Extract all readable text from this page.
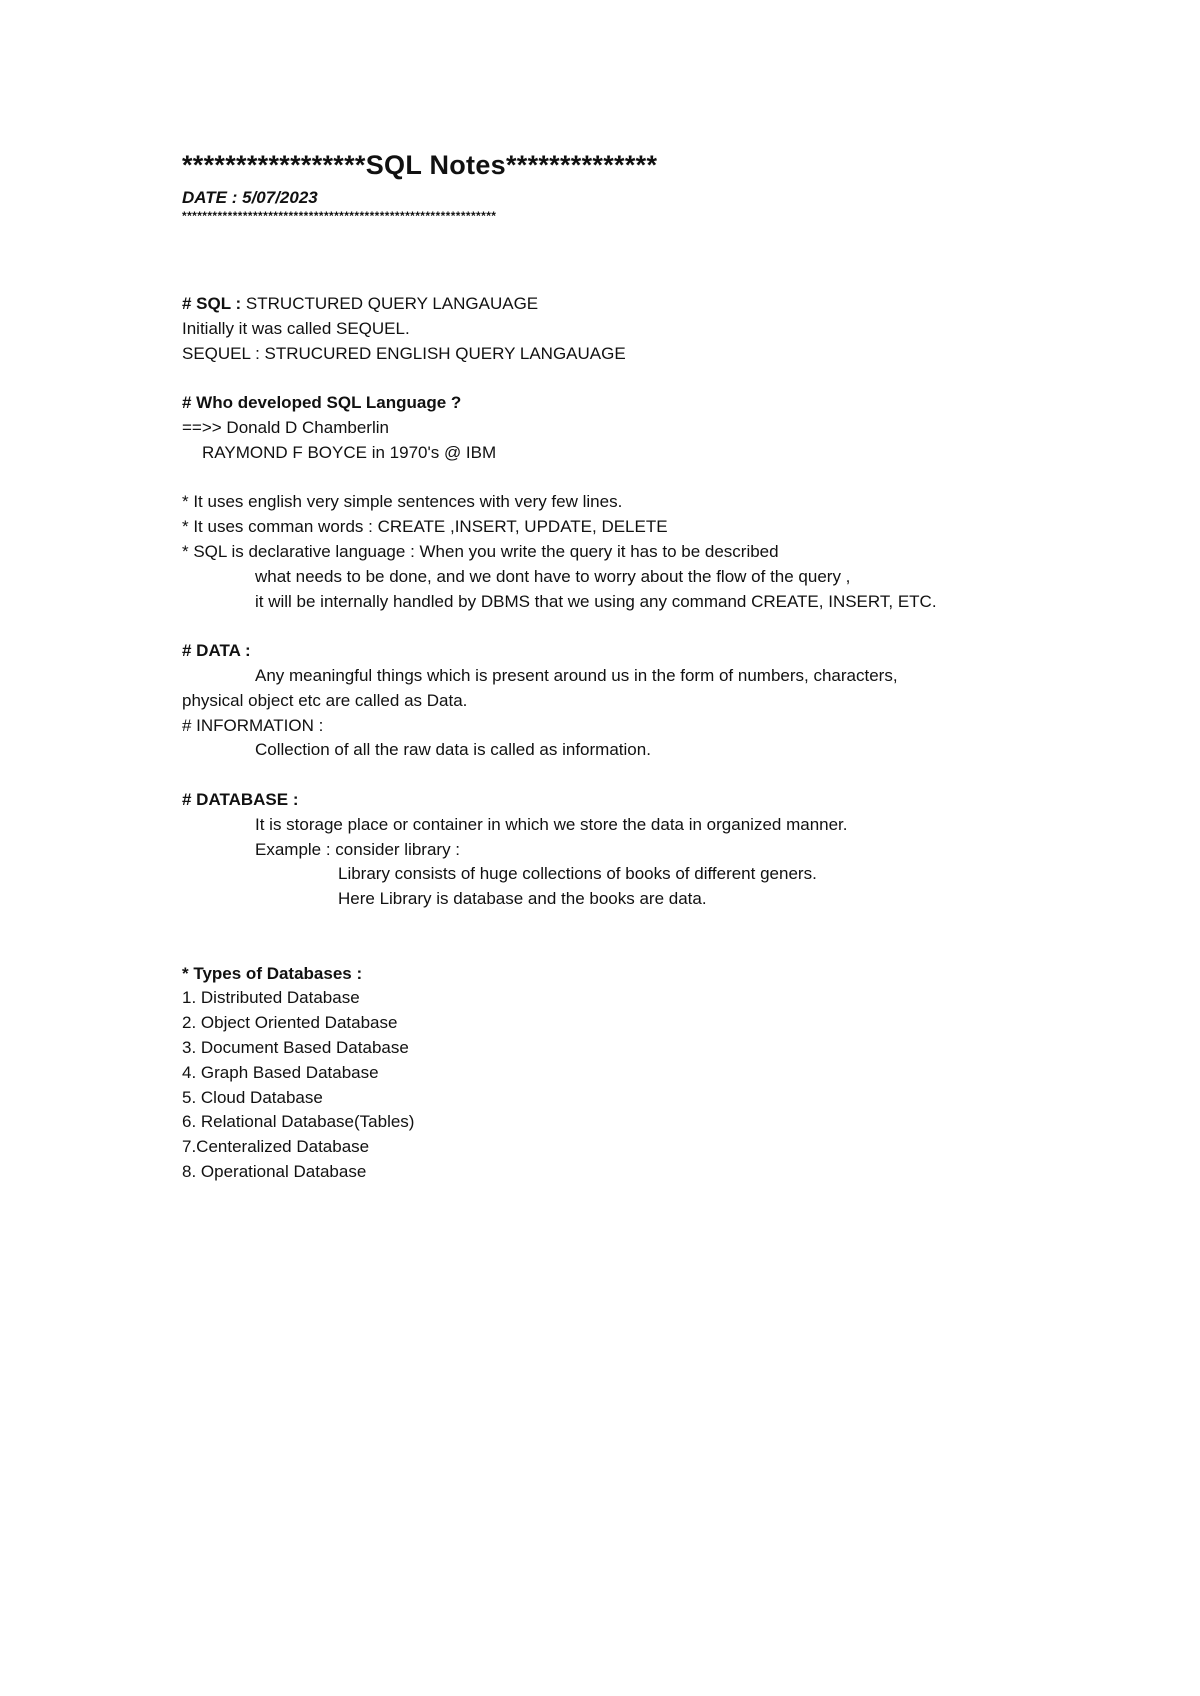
*****************SQL Notes**************
DATE : 5/07/2023
**************************************************************
# SQL : STRUCTURED QUERY LANGAUAGE
Initially it was called SEQUEL.
SEQUEL : STRUCURED ENGLISH QUERY LANGAUAGE
# Who developed SQL Language ?
==>> Donald D Chamberlin
RAYMOND F BOYCE in 1970's @ IBM
* It uses english very simple sentences with very few lines.
* It uses comman words : CREATE ,INSERT, UPDATE, DELETE
* SQL is declarative language : When you write the query it has to be described
what needs to be done, and we dont have to worry about the flow of the query ,
it will be internally handled by DBMS that we using any command CREATE, INSERT, ETC.
# DATA :
Any meaningful things which is present around us in the form of numbers, characters,
physical object etc are called as Data.
# INFORMATION :
Collection of all the raw data is called as information.
# DATABASE :
It is storage place or container in which we store the data in organized manner.
Example : consider library :
Library consists of huge collections of books of different geners.
Here Library is database and the books are data.
* Types of Databases :
1. Distributed Database
2. Object Oriented Database
3. Document Based Database
4. Graph Based Database
5. Cloud Database
6. Relational Database(Tables)
7.Centeralized Database
8. Operational Database
